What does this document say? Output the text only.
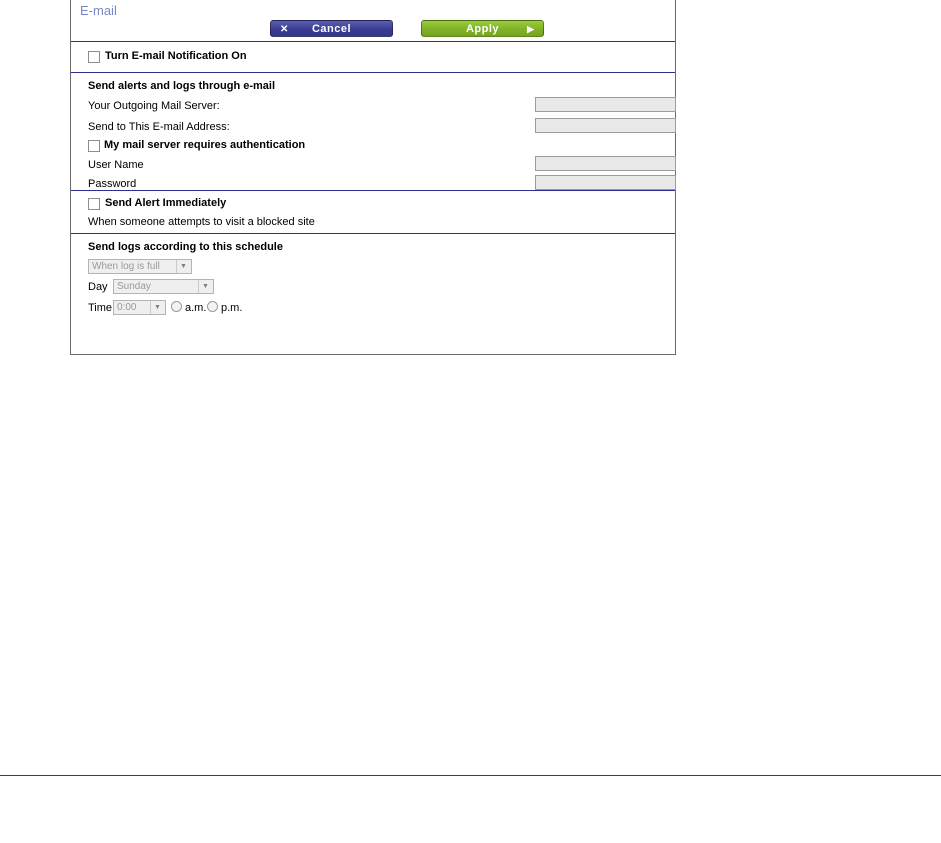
E-mail
✕	Cancel	Apply	▶
Turn E-mail Notification On
Send alerts and logs through e-mail
Your Outgoing Mail Server:
Send to This E-mail Address:
My mail server requires authentication
User Name
Password
Send Alert Immediately
When someone attempts to visit a blocked site
Send logs according to this schedule
When log is full	▼
Day Sunday	▼
Time 0:00	▼ a.m. p.m.
